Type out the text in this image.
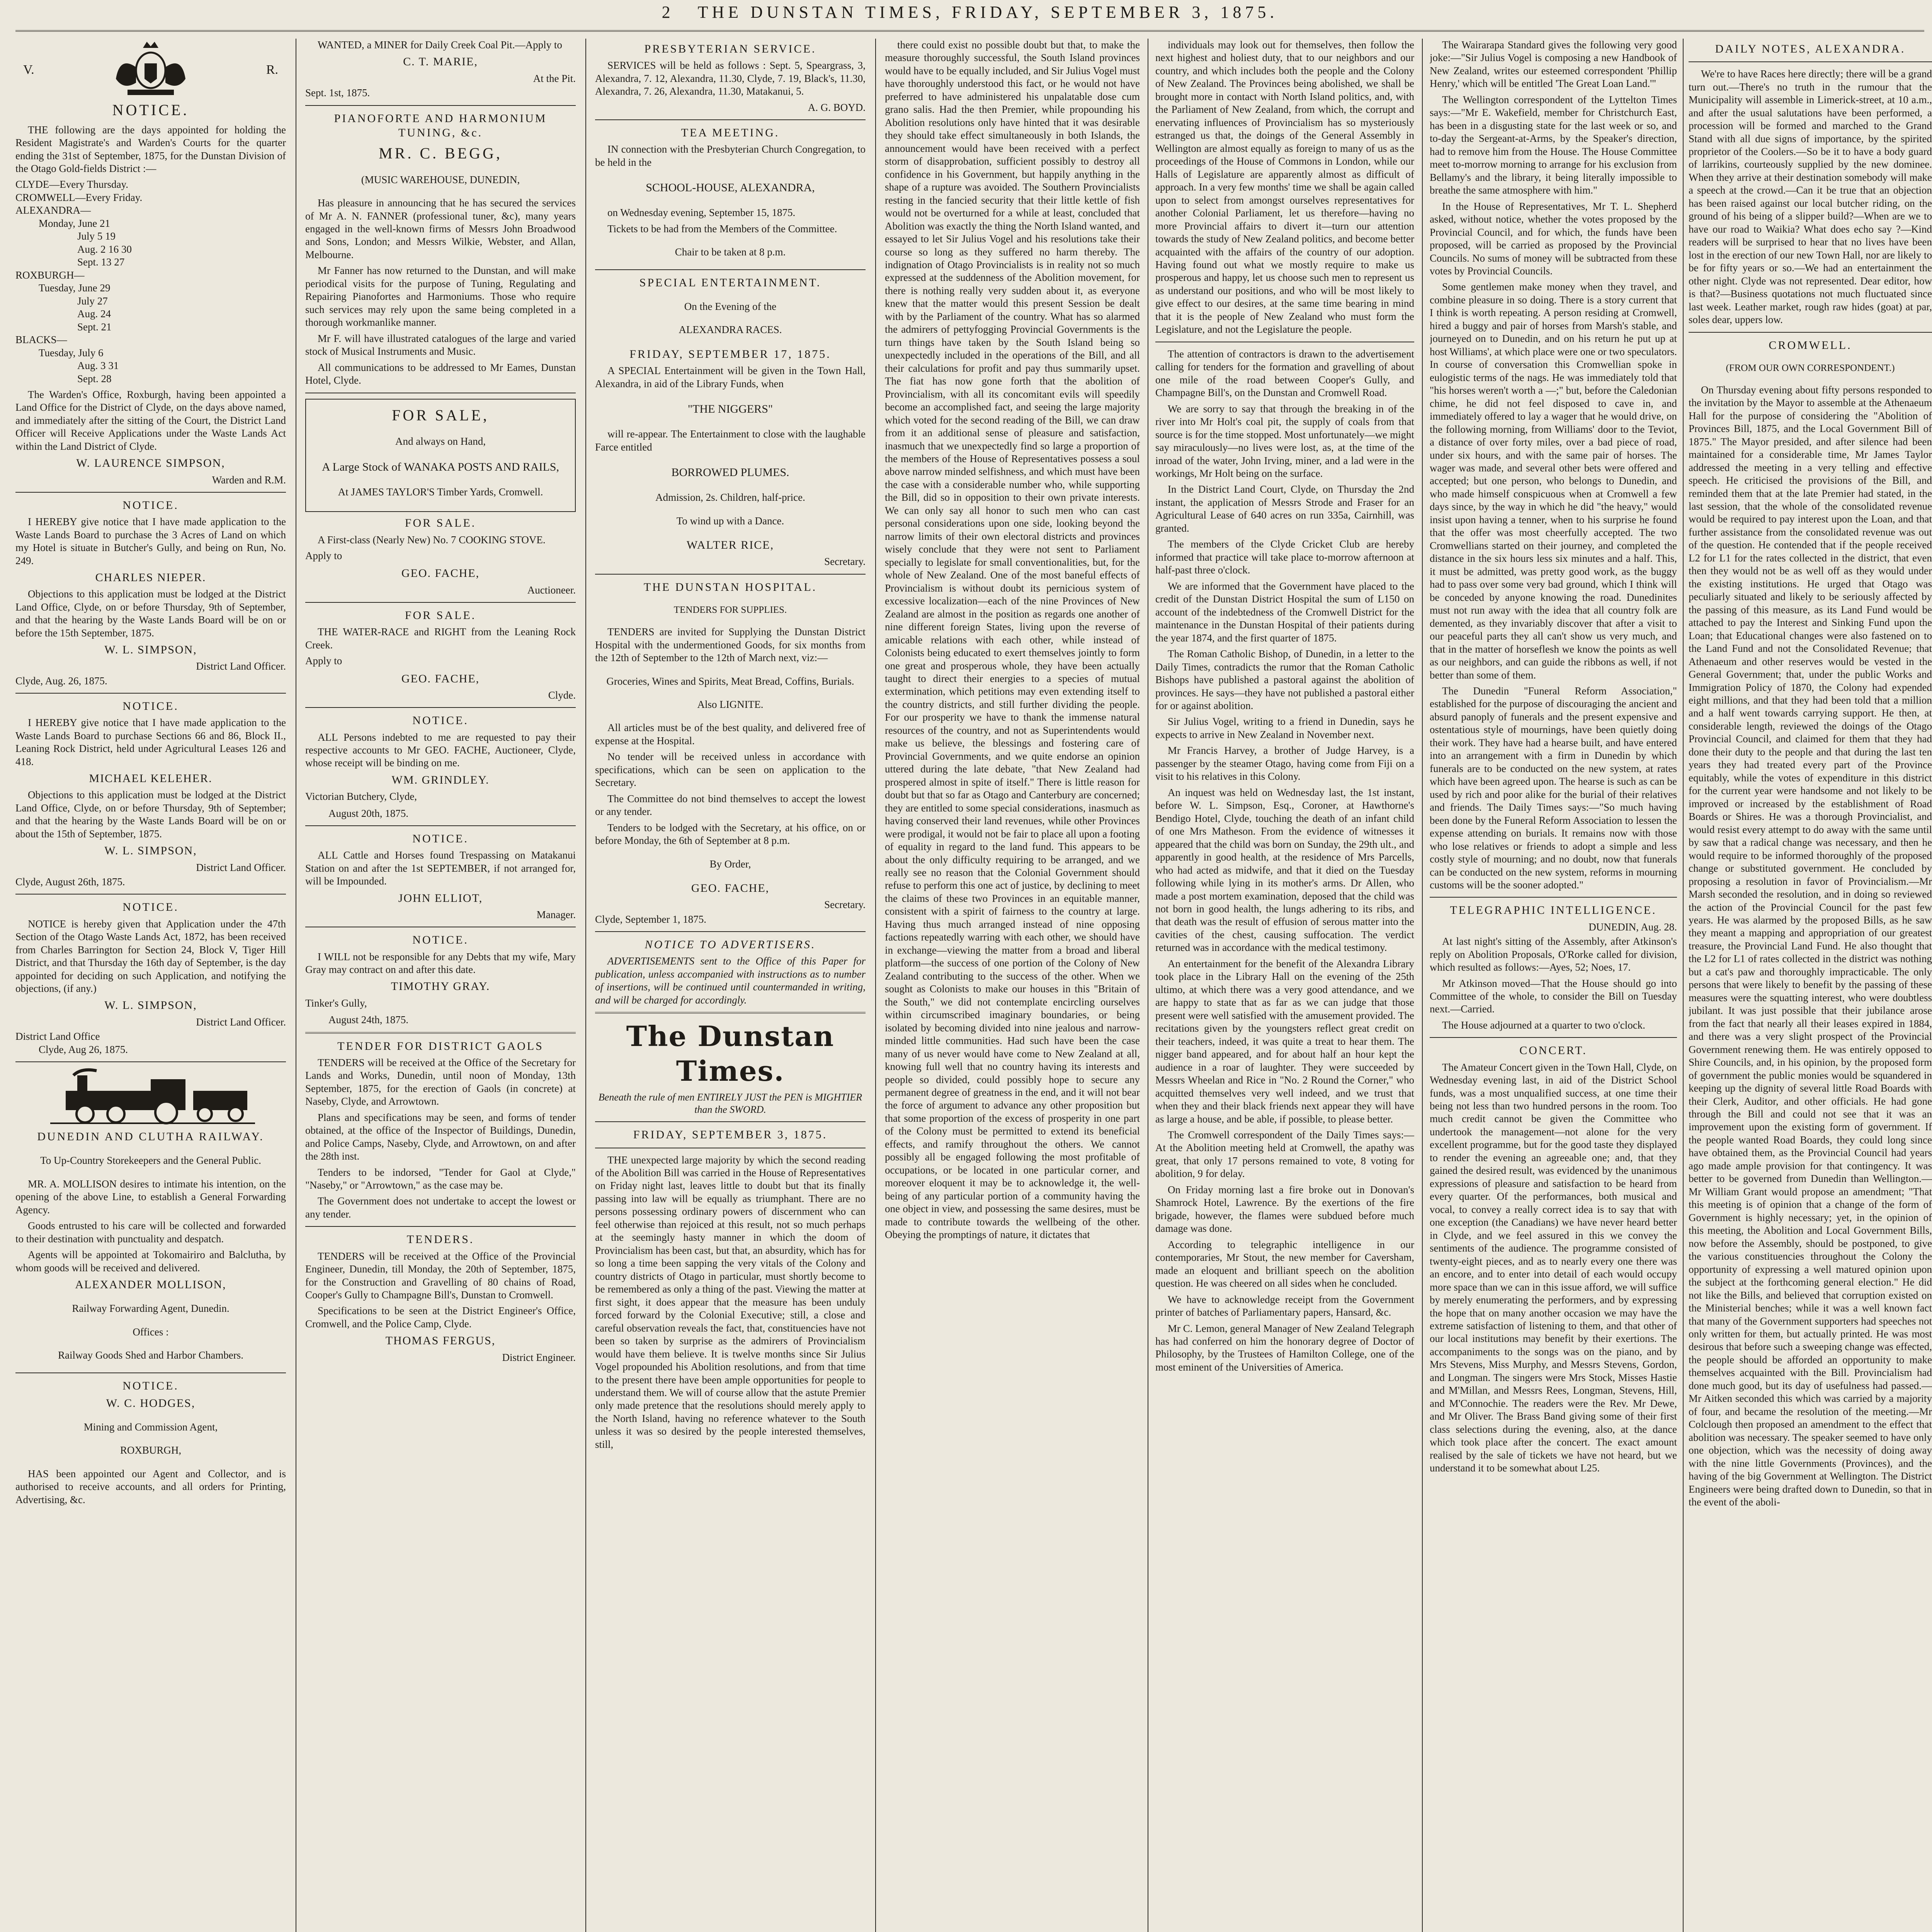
2 THE DUNSTAN TIMES, FRIDAY, SEPTEMBER 3, 1875.
V.	R.
NOTICE.

THE following are the days appointed for holding the Resident Magistrate's and Warden's Courts for the quarter ending the 31st of September, 1875, for the Dunstan Division of the Otago Gold-fields District :—

CLYDE—Every Thursday.

CROMWELL—Every Friday.

ALEXANDRA—

Monday, June 21

July 5 19

Aug. 2 16 30

Sept. 13 27

ROXBURGH—

Tuesday, June 29

July 27

Aug. 24

Sept. 21

BLACKS—

Tuesday, July 6

Aug. 3 31

Sept. 28

The Warden's Office, Roxburgh, having been appointed a Land Office for the District of Clyde, on the days above named, and immediately after the sitting of the Court, the District Land Officer will Receive Applications under the Waste Lands Act within the Land District of Clyde.

W. LAURENCE SIMPSON,
Warden and R.M.
NOTICE.

I HEREBY give notice that I have made application to the Waste Lands Board to purchase the 3 Acres of Land on which my Hotel is situate in Butcher's Gully, and being on Run, No. 249.

CHARLES NIEPER.

Objections to this application must be lodged at the District Land Office, Clyde, on or before Thursday, 9th of September, and that the hearing by the Waste Lands Board will be on or before the 15th September, 1875.

W. L. SIMPSON,
District Land Officer.

Clyde, Aug. 26, 1875.

NOTICE.

I HEREBY give notice that I have made application to the Waste Lands Board to purchase Sections 66 and 86, Block II., Leaning Rock District, held under Agricultural Leases 126 and 418.

MICHAEL KELEHER.

Objections to this application must be lodged at the District Land Office, Clyde, on or before Thursday, 9th of September; and that the hearing by the Waste Lands Board will be on or about the 15th of September, 1875.

W. L. SIMPSON,
District Land Officer.

Clyde, August 26th, 1875.

NOTICE.

NOTICE is hereby given that Application under the 47th Section of the Otago Waste Lands Act, 1872, has been received from Charles Barrington for Section 24, Block V, Tiger Hill District, and that Thursday the 16th day of September, is the day appointed for deciding on such Application, and notifying the objections, (if any.)

W. L. SIMPSON,
District Land Officer.

District Land Office

Clyde, Aug 26, 1875.

DUNEDIN AND CLUTHA RAILWAY.

To Up-Country Storekeepers and the General Public.

MR. A. MOLLISON desires to intimate his intention, on the opening of the above Line, to establish a General Forwarding Agency.

Goods entrusted to his care will be collected and forwarded to their destination with punctuality and despatch.

Agents will be appointed at Tokomairiro and Balclutha, by whom goods will be received and delivered.

ALEXANDER MOLLISON,

Railway Forwarding Agent, Dunedin.

Offices :

Railway Goods Shed and Harbor Chambers.

NOTICE.
W. C. HODGES,

Mining and Commission Agent,

ROXBURGH,

HAS been appointed our Agent and Collector, and is authorised to receive accounts, and all orders for Printing, Advertising, &c.

WANTED, a MINER for Daily Creek Coal Pit.—Apply to

C. T. MARIE,
At the Pit.

Sept. 1st, 1875.

PIANOFORTE AND HARMONIUM TUNING, &c.
MR. C. BEGG,

(MUSIC WAREHOUSE, DUNEDIN,

Has pleasure in announcing that he has secured the services of Mr A. N. FANNER (professional tuner, &c), many years engaged in the well-known firms of Messrs John Broadwood and Sons, London; and Messrs Wilkie, Webster, and Allan, Melbourne.

Mr Fanner has now returned to the Dunstan, and will make periodical visits for the purpose of Tuning, Regulating and Repairing Pianofortes and Harmoniums. Those who require such services may rely upon the same being completed in a thorough workmanlike manner.

Mr F. will have illustrated catalogues of the large and varied stock of Musical Instruments and Music.

All communications to be addressed to Mr Eames, Dunstan Hotel, Clyde.

FOR SALE,

And always on Hand,

A Large Stock of WANAKA POSTS AND RAILS,

At JAMES TAYLOR'S Timber Yards, Cromwell.

FOR SALE.

A First-class (Nearly New) No. 7 COOKING STOVE.

Apply to

GEO. FACHE,
Auctioneer.
FOR SALE.

THE WATER-RACE and RIGHT from the Leaning Rock Creek.

Apply to

GEO. FACHE,
Clyde.
NOTICE.

ALL Persons indebted to me are requested to pay their respective accounts to Mr GEO. FACHE, Auctioneer, Clyde, whose receipt will be binding on me.

WM. GRINDLEY.

Victorian Butchery, Clyde,

August 20th, 1875.

NOTICE.

ALL Cattle and Horses found Trespassing on Matakanui Station on and after the 1st SEPTEMBER, if not arranged for, will be Impounded.

JOHN ELLIOT,
Manager.
NOTICE.

I WILL not be responsible for any Debts that my wife, Mary Gray may contract on and after this date.

TIMOTHY GRAY.

Tinker's Gully,

August 24th, 1875.

TENDER FOR DISTRICT GAOLS

TENDERS will be received at the Office of the Secretary for Lands and Works, Dunedin, until noon of Monday, 13th September, 1875, for the erection of Gaols (in concrete) at Naseby, Clyde, and Arrowtown.

Plans and specifications may be seen, and forms of tender obtained, at the office of the Inspector of Buildings, Dunedin, and Police Camps, Naseby, Clyde, and Arrowtown, on and after the 28th inst.

Tenders to be indorsed, "Tender for Gaol at Clyde," "Naseby," or "Arrowtown," as the case may be.

The Government does not undertake to accept the lowest or any tender.

TENDERS.

TENDERS will be received at the Office of the Provincial Engineer, Dunedin, till Monday, the 20th of September, 1875, for the Construction and Gravelling of 80 chains of Road, Cooper's Gully to Champagne Bill's, Dunstan to Cromwell.

Specifications to be seen at the District Engineer's Office, Cromwell, and the Police Camp, Clyde.

THOMAS FERGUS,
District Engineer.
PRESBYTERIAN SERVICE.

SERVICES will be held as follows : Sept. 5, Speargrass, 3, Alexandra, 7. 12, Alexandra, 11.30, Clyde, 7. 19, Black's, 11.30, Alexandra, 7. 26, Alexandra, 11.30, Matakanui, 5.

A. G. BOYD.
TEA MEETING.

IN connection with the Presbyterian Church Congregation, to be held in the

SCHOOL-HOUSE, ALEXANDRA,

on Wednesday evening, September 15, 1875.

Tickets to be had from the Members of the Committee.

Chair to be taken at 8 p.m.

SPECIAL ENTERTAINMENT.

On the Evening of the

ALEXANDRA RACES.

FRIDAY, SEPTEMBER 17, 1875.

A SPECIAL Entertainment will be given in the Town Hall, Alexandra, in aid of the Library Funds, when

"THE NIGGERS"

will re-appear. The Entertainment to close with the laughable Farce entitled

BORROWED PLUMES.

Admission, 2s. Children, half-price.

To wind up with a Dance.

WALTER RICE,
Secretary.
THE DUNSTAN HOSPITAL.

TENDERS FOR SUPPLIES.

TENDERS are invited for Supplying the Dunstan District Hospital with the undermentioned Goods, for six months from the 12th of September to the 12th of March next, viz:—

Groceries, Wines and Spirits, Meat Bread, Coffins, Burials.

Also LIGNITE.

All articles must be of the best quality, and delivered free of expense at the Hospital.

No tender will be received unless in accordance with specifications, which can be seen on application to the Secretary.

The Committee do not bind themselves to accept the lowest or any tender.

Tenders to be lodged with the Secretary, at his office, on or before Monday, the 6th of September at 8 p.m.

By Order,

GEO. FACHE,
Secretary.

Clyde, September 1, 1875.

NOTICE TO ADVERTISERS.

ADVERTISEMENTS sent to the Office of this Paper for publication, unless accompanied with instructions as to number of insertions, will be continued until countermanded in writing, and will be charged for accordingly.

The Dunstan Times.

Beneath the rule of men ENTIRELY JUST the PEN is MIGHTIER than the SWORD.

FRIDAY, SEPTEMBER 3, 1875.

THE unexpected large majority by which the second reading of the Abolition Bill was carried in the House of Representatives on Friday night last, leaves little to doubt but that its finally passing into law will be equally as triumphant. There are no persons possessing ordinary powers of discernment who can feel otherwise than rejoiced at this result, not so much perhaps at the seemingly hasty manner in which the doom of Provincialism has been cast, but that, an absurdity, which has for so long a time been sapping the very vitals of the Colony and country districts of Otago in particular, must shortly become to be remembered as only a thing of the past. Viewing the matter at first sight, it does appear that the measure has been unduly forced forward by the Colonial Executive; still, a close and careful observation reveals the fact, that, constituencies have not been so taken by surprise as the admirers of Provincialism would have them believe. It is twelve months since Sir Julius Vogel propounded his Abolition resolutions, and from that time to the present there have been ample opportunities for people to understand them. We will of course allow that the astute Premier only made pretence that the resolutions should merely apply to the North Island, having no reference whatever to the South unless it was so desired by the people interested themselves, still,

there could exist no possible doubt but that, to make the measure thoroughly successful, the South Island provinces would have to be equally included, and Sir Julius Vogel must have thoroughly understood this fact, or he would not have preferred to have administered his unpalatable dose cum grano salis. Had the then Premier, while propounding his Abolition resolutions only have hinted that it was desirable they should take effect simultaneously in both Islands, the announcement would have been received with a perfect storm of disapprobation, sufficient possibly to destroy all confidence in his Government, but happily anything in the shape of a rupture was avoided. The Southern Provincialists resting in the fancied security that their little kettle of fish would not be overturned for a while at least, concluded that Abolition was exactly the thing the North Island wanted, and essayed to let Sir Julius Vogel and his resolutions take their course so long as they suffered no harm thereby. The indignation of Otago Provincialists is in reality not so much expressed at the suddenness of the Abolition movement, for there is nothing really very sudden about it, as everyone knew that the matter would this present Session be dealt with by the Parliament of the country. What has so alarmed the admirers of pettyfogging Provincial Governments is the turn things have taken by the South Island being so unexpectedly included in the operations of the Bill, and all their calculations for profit and pay thus summarily upset. The fiat has now gone forth that the abolition of Provincialism, with all its concomitant evils will speedily become an accomplished fact, and seeing the large majority which voted for the second reading of the Bill, we can draw from it an additional sense of pleasure and satisfaction, inasmuch that we unexpectedly find so large a proportion of the members of the House of Representatives possess a soul above narrow minded selfishness, and which must have been the case with a considerable number who, while supporting the Bill, did so in opposition to their own private interests. We can only say all honor to such men who can cast personal considerations upon one side, looking beyond the narrow limits of their own electoral districts and provinces wisely conclude that they were not sent to Parliament specially to legislate for small conventionalities, but, for the whole of New Zealand. One of the most baneful effects of Provincialism is without doubt its pernicious system of excessive localization—each of the nine Provinces of New Zealand are almost in the position as regards one another of nine different foreign States, living upon the reverse of amicable relations with each other, while instead of Colonists being educated to exert themselves jointly to form one great and prosperous whole, they have been actually taught to direct their energies to a species of mutual extermination, which petitions may even extending itself to the country districts, and still further dividing the people. For our prosperity we have to thank the immense natural resources of the country, and not as Superintendents would make us believe, the blessings and fostering care of Provincial Governments, and we quite endorse an opinion uttered during the late debate, "that New Zealand had prospered almost in spite of itself." There is little reason for doubt but that so far as Otago and Canterbury are concerned; they are entitled to some special considerations, inasmuch as having conserved their land revenues, while other Provinces were prodigal, it would not be fair to place all upon a footing of equality in regard to the land fund. This appears to be about the only difficulty requiring to be arranged, and we really see no reason that the Colonial Government should refuse to perform this one act of justice, by declining to meet the claims of these two Provinces in an equitable manner, consistent with a spirit of fairness to the country at large. Having thus much arranged instead of nine opposing factions repeatedly warring with each other, we should have in exchange—viewing the matter from a broad and liberal platform—the success of one portion of the Colony of New Zealand contributing to the success of the other. When we sought as Colonists to make our houses in this "Britain of the South," we did not contemplate encircling ourselves within circumscribed imaginary boundaries, or being isolated by becoming divided into nine jealous and narrow-minded little communities. Had such have been the case many of us never would have come to New Zealand at all, knowing full well that no country having its interests and people so divided, could possibly hope to secure any permanent degree of greatness in the end, and it will not bear the force of argument to advance any other proposition but that some proportion of the excess of prosperity in one part of the Colony must be permitted to extend its beneficial effects, and ramify throughout the others. We cannot possibly all be engaged following the most profitable of occupations, or be located in one particular corner, and moreover eloquent it may be to acknowledge it, the well-being of any particular portion of a community having the one object in view, and possessing the same desires, must be made to contribute towards the wellbeing of the other. Obeying the promptings of nature, it dictates that

individuals may look out for themselves, then follow the next highest and holiest duty, that to our neighbors and our country, and which includes both the people and the Colony of New Zealand. The Provinces being abolished, we shall be brought more in contact with North Island politics, and, with the Parliament of New Zealand, from which, the corrupt and enervating influences of Provincialism has so mysteriously estranged us that, the doings of the General Assembly in Wellington are almost equally as foreign to many of us as the proceedings of the House of Commons in London, while our Halls of Legislature are apparently almost as difficult of approach. In a very few months' time we shall be again called upon to select from amongst ourselves representatives for another Colonial Parliament, let us therefore—having no more Provincial affairs to divert it—turn our attention towards the study of New Zealand politics, and become better acquainted with the affairs of the country of our adoption. Having found out what we mostly require to make us prosperous and happy, let us choose such men to represent us as understand our positions, and who will be most likely to give effect to our desires, at the same time bearing in mind that it is the people of New Zealand who must form the Legislature, and not the Legislature the people.

The attention of contractors is drawn to the advertisement calling for tenders for the formation and gravelling of about one mile of the road between Cooper's Gully, and Champagne Bill's, on the Dunstan and Cromwell Road.

We are sorry to say that through the breaking in of the river into Mr Holt's coal pit, the supply of coals from that source is for the time stopped. Most unfortunately—we might say miraculously—no lives were lost, as, at the time of the inroad of the water, John Irving, miner, and a lad were in the workings, Mr Holt being on the surface.

In the District Land Court, Clyde, on Thursday the 2nd instant, the application of Messrs Strode and Fraser for an Agricultural Lease of 640 acres on run 335a, Cairnhill, was granted.

The members of the Clyde Cricket Club are hereby informed that practice will take place to-morrow afternoon at half-past three o'clock.

We are informed that the Government have placed to the credit of the Dunstan District Hospital the sum of L150 on account of the indebtedness of the Cromwell District for the maintenance in the Dunstan Hospital of their patients during the year 1874, and the first quarter of 1875.

The Roman Catholic Bishop, of Dunedin, in a letter to the Daily Times, contradicts the rumor that the Roman Catholic Bishops have published a pastoral against the abolition of provinces. He says—they have not published a pastoral either for or against abolition.

Sir Julius Vogel, writing to a friend in Dunedin, says he expects to arrive in New Zealand in November next.

Mr Francis Harvey, a brother of Judge Harvey, is a passenger by the steamer Otago, having come from Fiji on a visit to his relatives in this Colony.

An inquest was held on Wednesday last, the 1st instant, before W. L. Simpson, Esq., Coroner, at Hawthorne's Bendigo Hotel, Clyde, touching the death of an infant child of one Mrs Matheson. From the evidence of witnesses it appeared that the child was born on Sunday, the 29th ult., and apparently in good health, at the residence of Mrs Parcells, who had acted as midwife, and that it died on the Tuesday following while lying in its mother's arms. Dr Allen, who made a post mortem examination, deposed that the child was not born in good health, the lungs adhering to its ribs, and that death was the result of effusion of serous matter into the cavities of the chest, causing suffocation. The verdict returned was in accordance with the medical testimony.

An entertainment for the benefit of the Alexandra Library took place in the Library Hall on the evening of the 25th ultimo, at which there was a very good attendance, and we are happy to state that as far as we can judge that those present were well satisfied with the amusement provided. The recitations given by the youngsters reflect great credit on their teachers, indeed, it was quite a treat to hear them. The nigger band appeared, and for about half an hour kept the audience in a roar of laughter. They were succeeded by Messrs Wheelan and Rice in "No. 2 Round the Corner," who acquitted themselves very well indeed, and we trust that when they and their black friends next appear they will have as large a house, and be able, if possible, to please better.

The Cromwell correspondent of the Daily Times says:—At the Abolition meeting held at Cromwell, the apathy was great, that only 17 persons remained to vote, 8 voting for abolition, 9 for delay.

On Friday morning last a fire broke out in Donovan's Shamrock Hotel, Lawrence. By the exertions of the fire brigade, however, the flames were subdued before much damage was done.

According to telegraphic intelligence in our contemporaries, Mr Stout, the new member for Caversham, made an eloquent and brilliant speech on the abolition question. He was cheered on all sides when he concluded.

We have to acknowledge receipt from the Government printer of batches of Parliamentary papers, Hansard, &c.

Mr C. Lemon, general Manager of New Zealand Telegraph has had conferred on him the honorary degree of Doctor of Philosophy, by the Trustees of Hamilton College, one of the most eminent of the Universities of America.

The Wairarapa Standard gives the following very good joke:—"Sir Julius Vogel is composing a new Handbook of New Zealand, writes our esteemed correspondent 'Phillip Henry,' which will be entitled 'The Great Loan Land.'"

The Wellington correspondent of the Lyttelton Times says:—"Mr E. Wakefield, member for Christchurch East, has been in a disgusting state for the last week or so, and to-day the Sergeant-at-Arms, by the Speaker's direction, had to remove him from the House. The House Committee meet to-morrow morning to arrange for his exclusion from Bellamy's and the library, it being literally impossible to breathe the same atmosphere with him."

In the House of Representatives, Mr T. L. Shepherd asked, without notice, whether the votes proposed by the Provincial Council, and for which, the funds have been proposed, will be carried as proposed by the Provincial Councils. No sums of money will be subtracted from these votes by Provincial Councils.

Some gentlemen make money when they travel, and combine pleasure in so doing. There is a story current that I think is worth repeating. A person residing at Cromwell, hired a buggy and pair of horses from Marsh's stable, and journeyed on to Dunedin, and on his return he put up at host Williams', at which place were one or two speculators. In course of conversation this Cromwellian spoke in eulogistic terms of the nags. He was immediately told that "his horses weren't worth a —;" but, before the Caledonian chime, he did not feel disposed to cave in, and immediately offered to lay a wager that he would drive, on the following morning, from Williams' door to the Teviot, a distance of over forty miles, over a bad piece of road, under six hours, and with the same pair of horses. The wager was made, and several other bets were offered and accepted; but one person, who belongs to Dunedin, and who made himself conspicuous when at Cromwell a few days since, by the way in which he did "the heavy," would insist upon having a tenner, when to his surprise he found that the offer was most cheerfully accepted. The two Cromwellians started on their journey, and completed the distance in the six hours less six minutes and a half. This, it must be admitted, was pretty good work, as the buggy had to pass over some very bad ground, which I think will be conceded by anyone knowing the road. Dunedinites must not run away with the idea that all country folk are demented, as they invariably discover that after a visit to our peaceful parts they all can't show us very much, and that in the matter of horseflesh we know the points as well as our neighbors, and can guide the ribbons as well, if not better than some of them.

The Dunedin "Funeral Reform Association," established for the purpose of discouraging the ancient and absurd panoply of funerals and the present expensive and ostentatious style of mournings, have been quietly doing their work. They have had a hearse built, and have entered into an arrangement with a firm in Dunedin by which funerals are to be conducted on the new system, at rates which have been agreed upon. The hearse is such as can be used by rich and poor alike for the burial of their relatives and friends. The Daily Times says:—"So much having been done by the Funeral Reform Association to lessen the expense attending on burials. It remains now with those who lose relatives or friends to adopt a simple and less costly style of mourning; and no doubt, now that funerals can be conducted on the new system, reforms in mourning customs will be the sooner adopted."

TELEGRAPHIC INTELLIGENCE.
DUNEDIN, Aug. 28.

At last night's sitting of the Assembly, after Atkinson's reply on Abolition Proposals, O'Rorke called for division, which resulted as follows:—Ayes, 52; Noes, 17.

Mr Atkinson moved—That the House should go into Committee of the whole, to consider the Bill on Tuesday next.—Carried.

The House adjourned at a quarter to two o'clock.

CONCERT.

The Amateur Concert given in the Town Hall, Clyde, on Wednesday evening last, in aid of the District School funds, was a most unqualified success, at one time their being not less than two hundred persons in the room. Too much credit cannot be given the Committee who undertook the management—not alone for the very excellent programme, but for the good taste they displayed to render the evening an agreeable one; and, that they gained the desired result, was evidenced by the unanimous expressions of pleasure and satisfaction to be heard from every quarter. Of the performances, both musical and vocal, to convey a really correct idea is to say that with one exception (the Canadians) we have never heard better in Clyde, and we feel assured in this we convey the sentiments of the audience. The programme consisted of twenty-eight pieces, and as to nearly every one there was an encore, and to enter into detail of each would occupy more space than we can in this issue afford, we will suffice by merely enumerating the performers, and by expressing the hope that on many another occasion we may have the extreme satisfaction of listening to them, and that other of our local institutions may benefit by their exertions. The accompaniments to the songs was on the piano, and by Mrs Stevens, Miss Murphy, and Messrs Stevens, Gordon, and Longman. The singers were Mrs Stock, Misses Hastie and M'Millan, and Messrs Rees, Longman, Stevens, Hill, and M'Connochie. The readers were the Rev. Mr Dewe, and Mr Oliver. The Brass Band giving some of their first class selections during the evening, also, at the dance which took place after the concert. The exact amount realised by the sale of tickets we have not heard, but we understand it to be somewhat about L25.

DAILY NOTES, ALEXANDRA.

We're to have Races here directly; there will be a grand turn out.—There's no truth in the rumour that the Municipality will assemble in Limerick-street, at 10 a.m., and after the usual salutations have been performed, a procession will be formed and marched to the Grand Stand with all due signs of importance, by the spirited proprietor of the Coolers.—So be it to have a body guard of larrikins, courteously supplied by the new dominee. When they arrive at their destination somebody will make a speech at the crowd.—Can it be true that an objection has been raised against our local butcher riding, on the ground of his being of a slipper build?—When are we to have our road to Waikia? What does echo say ?—Kind readers will be surprised to hear that no lives have been lost in the erection of our new Town Hall, nor are likely to be for fifty years or so.—We had an entertainment the other night. Clyde was not represented. Dear editor, how is that?—Business quotations not much fluctuated since last week. Leather market, rough raw hides (goat) at par, soles dear, uppers low.

CROMWELL.

(FROM OUR OWN CORRESPONDENT.)

On Thursday evening about fifty persons responded to the invitation by the Mayor to assemble at the Athenaeum Hall for the purpose of considering the "Abolition of Provinces Bill, 1875, and the Local Government Bill of 1875." The Mayor presided, and after silence had been maintained for a considerable time, Mr James Taylor addressed the meeting in a very telling and effective speech. He criticised the provisions of the Bill, and reminded them that at the late Premier had stated, in the last session, that the whole of the consolidated revenue would be required to pay interest upon the Loan, and that further assistance from the consolidated revenue was out of the question. He contended that if the people received L2 for L1 for the rates collected in the district, that even then they would not be as well off as they would under the existing institutions. He urged that Otago was peculiarly situated and likely to be seriously affected by the passing of this measure, as its Land Fund would be attached to pay the Interest and Sinking Fund upon the Loan; that Educational changes were also fastened on to the Land Fund and not the Consolidated Revenue; that Athenaeum and other reserves would be vested in the General Government; that, under the public Works and Immigration Policy of 1870, the Colony had expended eight millions, and that they had been told that a million and a half went towards carrying support. He then, at considerable length, reviewed the doings of the Otago Provincial Council, and claimed for them that they had done their duty to the people and that during the last ten years they had treated every part of the Province equitably, while the votes of expenditure in this district for the current year were handsome and not likely to be improved or increased by the establishment of Road Boards or Shires. He was a thorough Provincialist, and would resist every attempt to do away with the same until by saw that a radical change was necessary, and then he would require to be informed thoroughly of the proposed change or substituted government. He concluded by proposing a resolution in favor of Provincialism.—Mr Marsh seconded the resolution, and in doing so reviewed the action of the Provincial Council for the past few years. He was alarmed by the proposed Bills, as he saw they meant a mapping and appropriation of our greatest treasure, the Provincial Land Fund. He also thought that the L2 for L1 of rates collected in the district was nothing but a cat's paw and thoroughly impracticable. The only persons that were likely to benefit by the passing of these measures were the squatting interest, who were doubtless jubilant. It was just possible that their jubilance arose from the fact that nearly all their leases expired in 1884, and there was a very slight prospect of the Provincial Government renewing them. He was entirely opposed to Shire Councils, and, in his opinion, by the proposed form of government the public monies would be squandered in keeping up the dignity of several little Road Boards with their Clerk, Auditor, and other officials. He had gone through the Bill and could not see that it was an improvement upon the existing form of government. If the people wanted Road Boards, they could long since have obtained them, as the Provincial Council had years ago made ample provision for that contingency. It was better to be governed from Dunedin than Wellington.—Mr William Grant would propose an amendment; "That this meeting is of opinion that a change of the form of Government is highly necessary; yet, in the opinion of this meeting, the Abolition and Local Government Bills, now before the Assembly, should be postponed, to give the various constituencies throughout the Colony the opportunity of expressing a well matured opinion upon the subject at the forthcoming general election." He did not like the Bills, and believed that corruption existed on the Ministerial benches; while it was a well known fact that many of the Government supporters had speeches not only written for them, but actually printed. He was most desirous that before such a sweeping change was effected, the people should be afforded an opportunity to make themselves acquainted with the Bill. Provincialism had done much good, but its day of usefulness had passed.—Mr Aitken seconded this which was carried by a majority of four, and became the resolution of the meeting.—Mr Colclough then proposed an amendment to the effect that abolition was necessary. The speaker seemed to have only one objection, which was the necessity of doing away with the nine little Governments (Provinces), and the having of the big Government at Wellington. The District Engineers were being drafted down to Dunedin, so that in the event of the aboli-
